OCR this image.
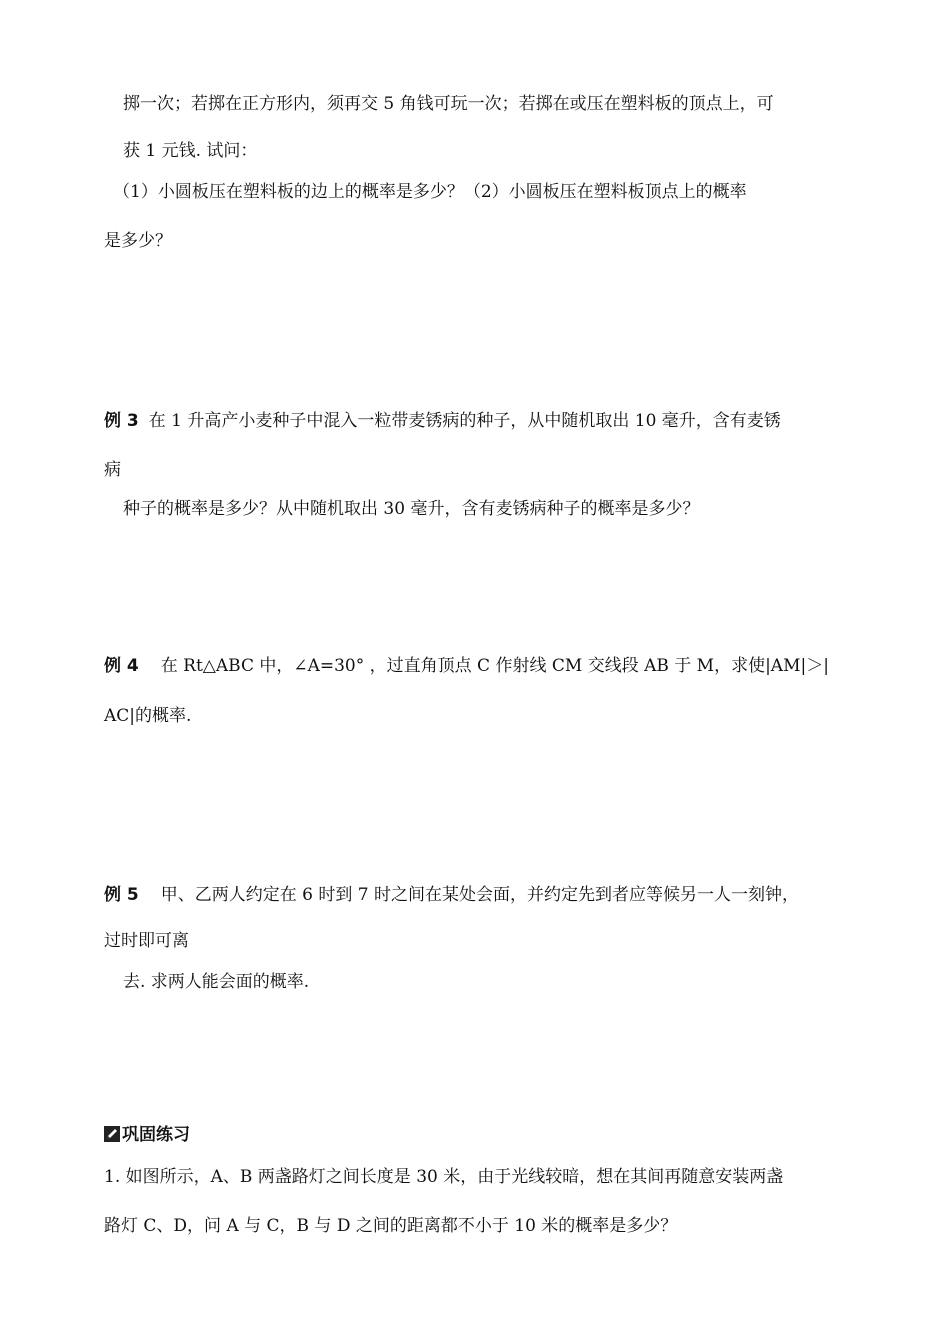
掷一次；若掷在正方形内，须再交 5 角钱可玩一次；若掷在或压在塑料板的顶点上，可
获 1 元钱. 试问：
（1）小圆板压在塑料板的边上的概率是多少？（2）小圆板压在塑料板顶点上的概率
是多少？
例 3 在 1 升高产小麦种子中混入一粒带麦锈病的种子，从中随机取出 10 毫升，含有麦锈
病
种子的概率是多少？从中随机取出 30 毫升，含有麦锈病种子的概率是多少？
例 4 在 Rt△ABC 中，∠A=30° ，过直角顶点 C 作射线 CM 交线段 AB 于 M，求使|AM|＞|
AC|的概率.
例 5 甲、乙两人约定在 6 时到 7 时之间在某处会面，并约定先到者应等候另一人一刻钟，
过时即可离
去. 求两人能会面的概率.
巩固练习
1. 如图所示，A、B 两盏路灯之间长度是 30 米，由于光线较暗，想在其间再随意安装两盏
路灯 C、D，问 A 与 C，B 与 D 之间的距离都不小于 10 米的概率是多少？
